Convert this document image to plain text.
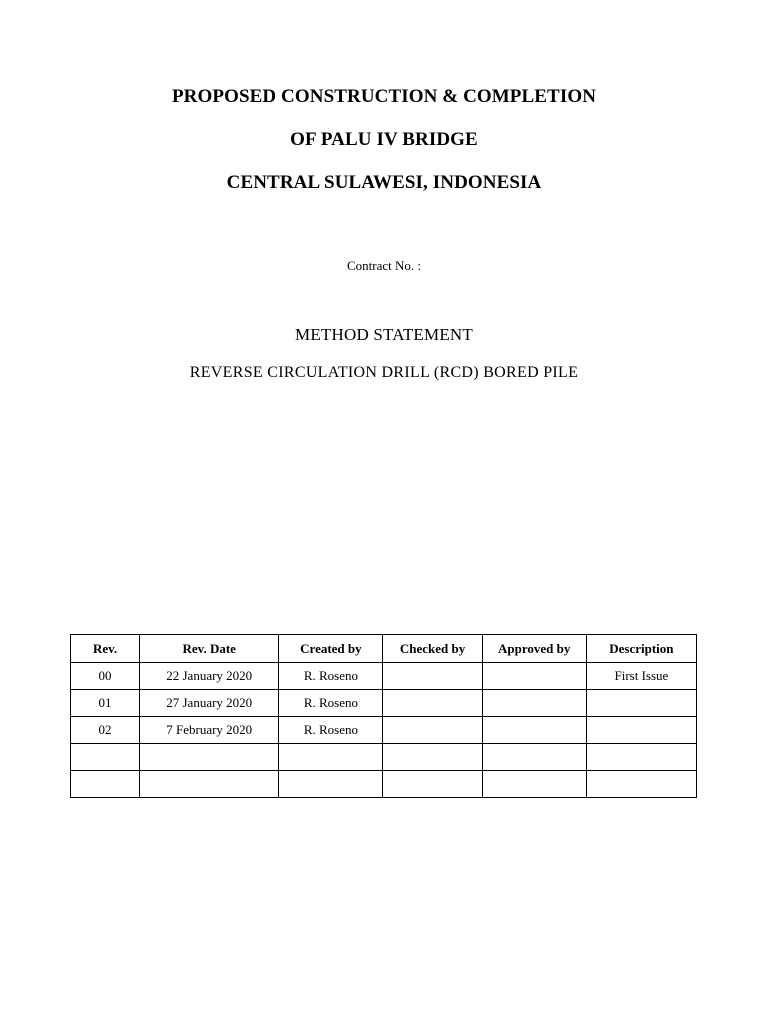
PROPOSED CONSTRUCTION & COMPLETION
OF PALU IV BRIDGE
CENTRAL SULAWESI, INDONESIA
Contract No. :
METHOD STATEMENT
REVERSE CIRCULATION DRILL (RCD) BORED PILE
Rev.	Rev. Date	Created by	Checked by	Approved by	Description
00	22 January 2020	R. Roseno			First Issue
01	27 January 2020	R. Roseno			
02	7 February 2020	R. Roseno			
